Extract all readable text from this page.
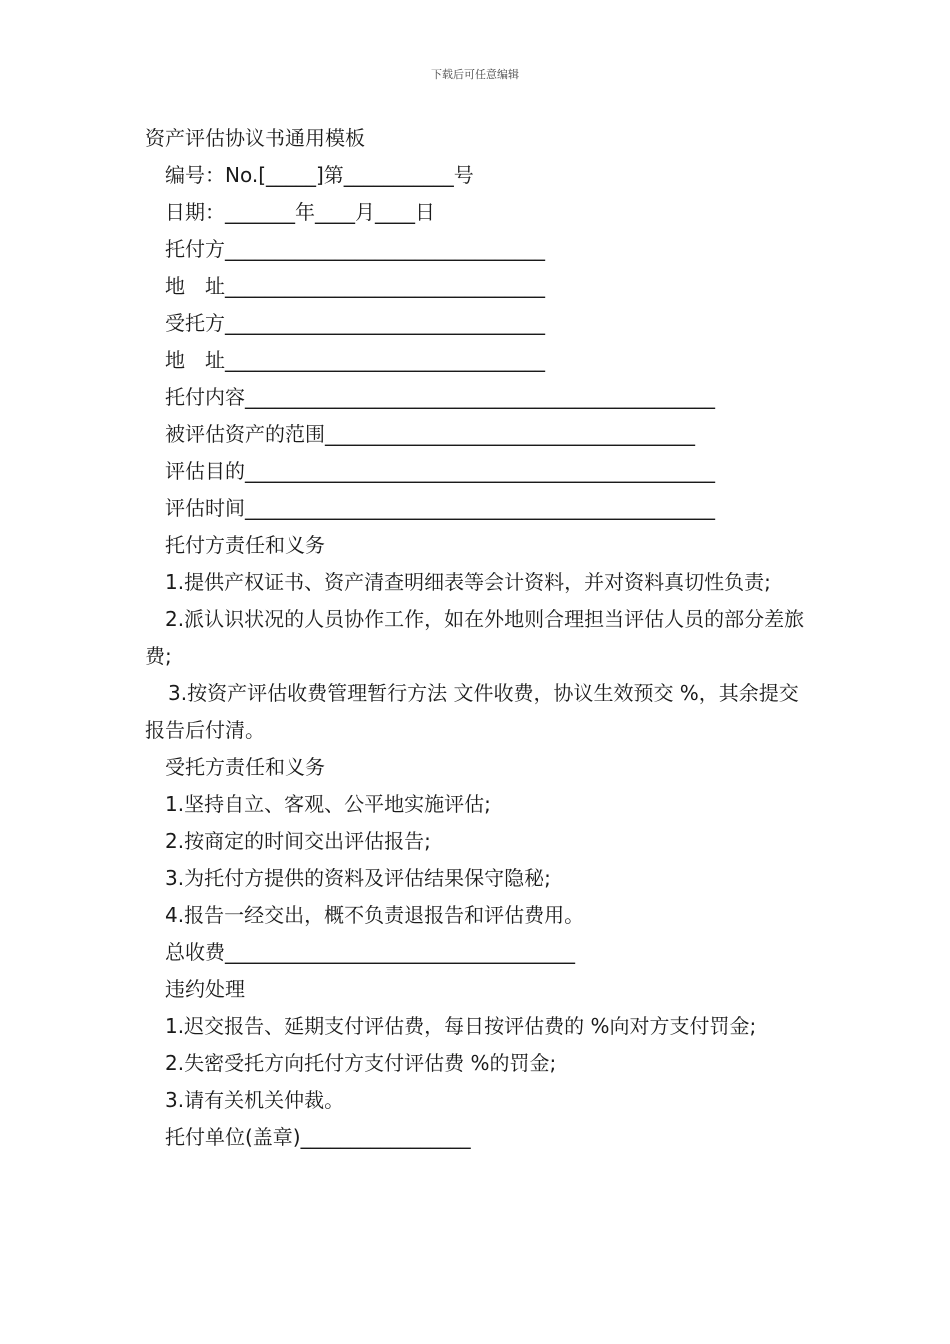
下载后可任意编辑

资产评估协议书通用模板

编号：No.[_____]第___________号

日期：_______年____月____日

托付方________________________________

地　址________________________________

受托方________________________________

地　址________________________________

托付内容_______________________________________________

被评估资产的范围_____________________________________

评估目的_______________________________________________

评估时间_______________________________________________

托付方责任和义务

1.提供产权证书、资产清查明细表等会计资料，并对资料真切性负责;

2.派认识状况的人员协作工作，如在外地则合理担当评估人员的部分差旅费;

3.按资产评估收费管理暂行方法 文件收费，协议生效预交 %，其余提交报告后付清。

受托方责任和义务

1.坚持自立、客观、公平地实施评估;

2.按商定的时间交出评估报告;

3.为托付方提供的资料及评估结果保守隐秘;

4.报告一经交出，概不负责退报告和评估费用。

总收费___________________________________

违约处理

1.迟交报告、延期支付评估费，每日按评估费的 %向对方支付罚金;

2.失密受托方向托付方支付评估费 %的罚金;

3.请有关机关仲裁。

托付单位(盖章)_________________
